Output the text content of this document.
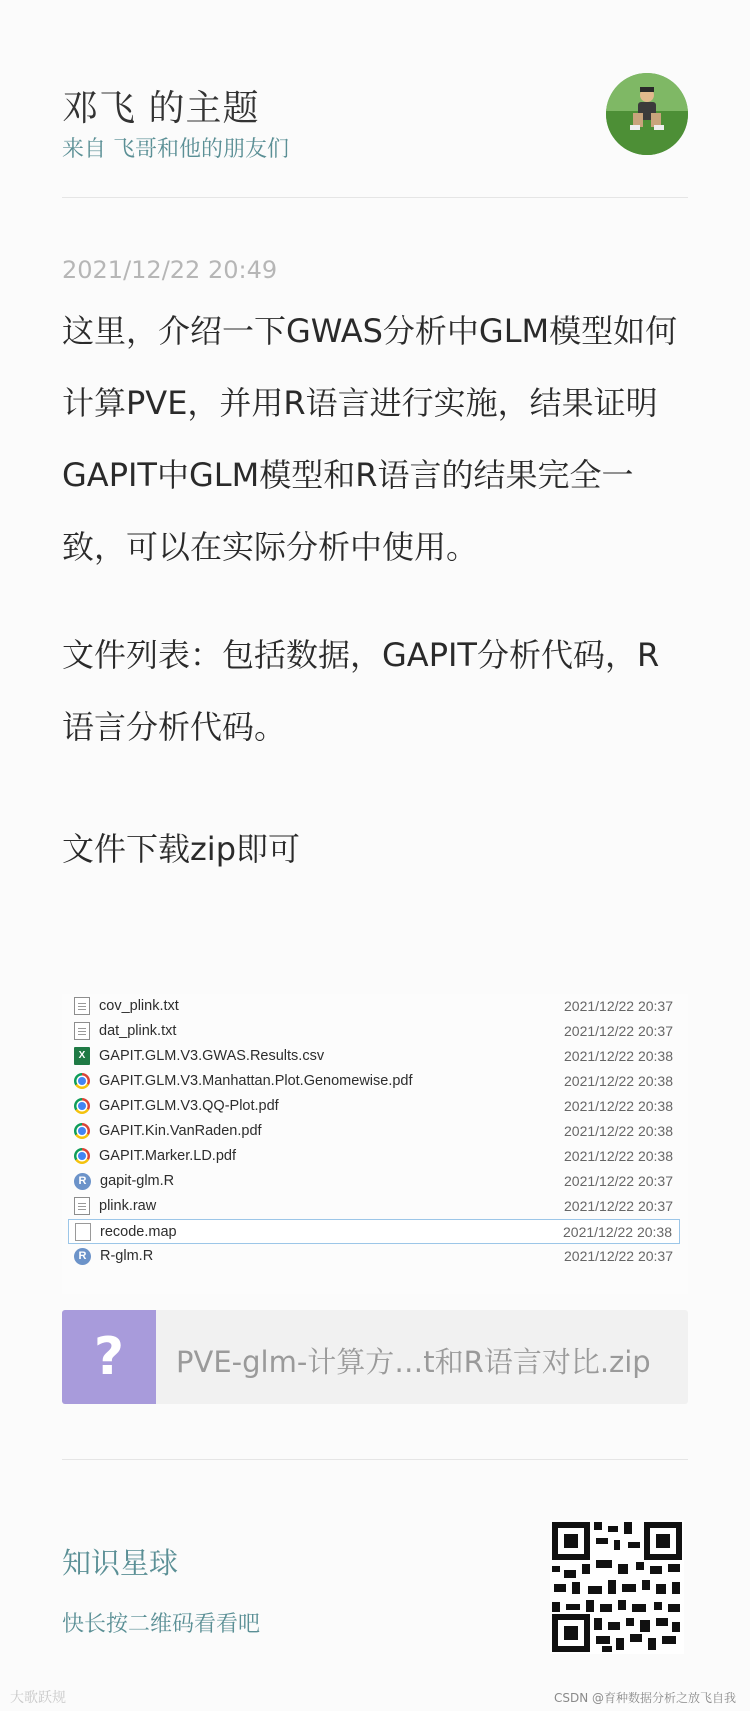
邓飞 的主题
来自 飞哥和他的朋友们
2021/12/22 20:49

这里，介绍一下GWAS分析中GLM模型如何计算PVE，并用R语言进行实施，结果证明GAPIT中GLM模型和R语言的结果完全一致，可以在实际分析中使用。

文件列表：包括数据，GAPIT分析代码，R语言分析代码。

文件下载zip即可

cov_plink.txt	2021/12/22 20:37
dat_plink.txt	2021/12/22 20:37
X GAPIT.GLM.V3.GWAS.Results.csv	2021/12/22 20:38
GAPIT.GLM.V3.Manhattan.Plot.Genomewise.pdf	2021/12/22 20:38
GAPIT.GLM.V3.QQ-Plot.pdf	2021/12/22 20:38
GAPIT.Kin.VanRaden.pdf	2021/12/22 20:38
GAPIT.Marker.LD.pdf	2021/12/22 20:38
R gapit-glm.R	2021/12/22 20:37
plink.raw	2021/12/22 20:37
recode.map	2021/12/22 20:38
R R-glm.R	2021/12/22 20:37
?	PVE-glm-计算方…t和R语言对比.zip
知识星球
快长按二维码看看吧
大歌跃规	CSDN @育种数据分析之放飞自我
